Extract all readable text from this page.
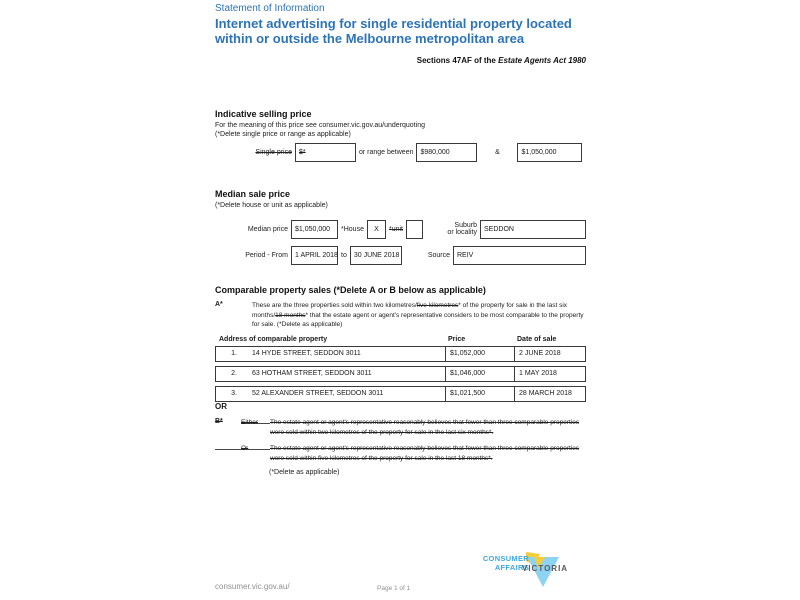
Statement of Information
Internet advertising for single residential property located within or outside the Melbourne metropolitan area
Sections 47AF of the Estate Agents Act 1980
Indicative selling price
For the meaning of this price see consumer.vic.gov.au/underquoting
(*Delete single price or range as applicable)
Single price	$*	or range between	$980,000	&	$1,050,000
Median sale price
(*Delete house or unit as applicable)
Median price	$1,050,000	*House	X	*unit
Suburb
or locality	SEDDON
Period - From	1 APRIL 2018 to	30 JUNE 2018	Source	REIV
Comparable property sales (*Delete A or B below as applicable)
A*	These are the three properties sold within two kilometres/five kilometres* of the property for sale in the last six months/18 months* that the estate agent or agent's representative considers to be most comparable to the property for sale. (*Delete as applicable)
Address of comparable property	Price	Date of sale
1.	14 HYDE STREET, SEDDON 3011	$1,052,000	2 JUNE 2018
2.	63 HOTHAM STREET, SEDDON 3011	$1,046,000	1 MAY 2018
3.	52 ALEXANDER STREET, SEDDON 3011	$1,021,500	28 MARCH 2018
OR
B*	Either The estate agent or agent's representative reasonably believes that fewer than three comparable properties were sold within two kilometres of the property for sale in the last six months*.

Or	The estate agent or agent's representative reasonably believes that fewer than three comparable properties were sold within five kilometres of the property for sale in the last 18 months*.

(*Delete as applicable)
CONSUMER
AFFAIRS
VICTORIA
consumer.vic.gov.au/	Page 1 of 1
